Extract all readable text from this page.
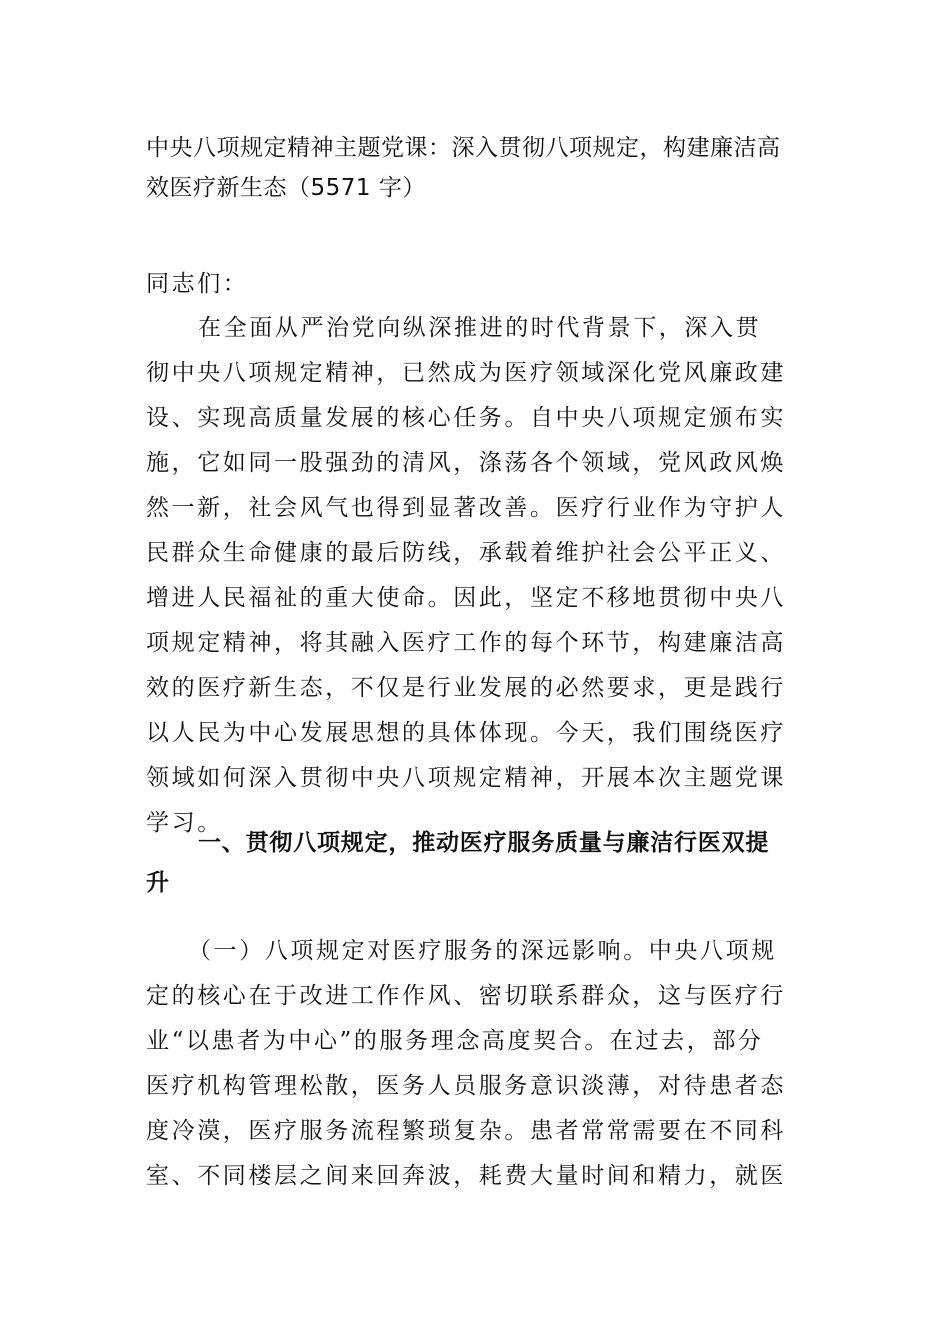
中央八项规定精神主题党课：深入贯彻八项规定，构建廉洁高效医疗新生态（5571 字）

同志们：

在全面从严治党向纵深推进的时代背景下，深入贯彻中央八项规定精神，已然成为医疗领域深化党风廉政建设、实现高质量发展的核心任务。自中央八项规定颁布实施，它如同一股强劲的清风，涤荡各个领域，党风政风焕然一新，社会风气也得到显著改善。医疗行业作为守护人民群众生命健康的最后防线，承载着维护社会公平正义、增进人民福祉的重大使命。因此，坚定不移地贯彻中央八项规定精神，将其融入医疗工作的每个环节，构建廉洁高效的医疗新生态，不仅是行业发展的必然要求，更是践行以人民为中心发展思想的具体体现。今天，我们围绕医疗领域如何深入贯彻中央八项规定精神，开展本次主题党课学习。

一、贯彻八项规定，推动医疗服务质量与廉洁行医双提升

（一）八项规定对医疗服务的深远影响。中央八项规定的核心在于改进工作作风、密切联系群众，这与医疗行业“以患者为中心”的服务理念高度契合。在过去，部分医疗机构管理松散，医务人员服务意识淡薄，对待患者态度冷漠，医疗服务流程繁琐复杂。患者常常需要在不同科室、不同楼层之间来回奔波，耗费大量时间和精力，就医
